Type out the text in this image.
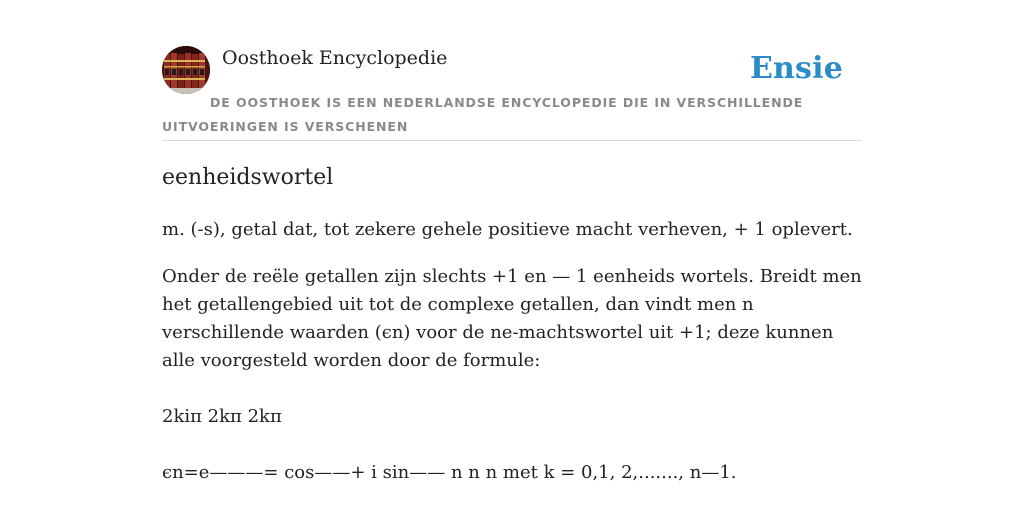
Oosthoek Encyclopedie	Ensie
DE OOSTHOEK IS EEN NEDERLANDSE ENCYCLOPEDIE DIE IN VERSCHILLENDE UITVOERINGEN IS VERSCHENEN
eenheidswortel

m. (-s), getal dat, tot zekere gehele positieve macht verheven, + 1 oplevert.

Onder de reële getallen zijn slechts +1 en — 1 eenheids wortels. Breidt men het getallengebied uit tot de complexe getallen, dan vindt men n verschillende waarden (ϵn) voor de ne-machtswortel uit +1; deze kunnen alle voorgesteld worden door de formule:

2kiπ 2kπ 2kπ

ϵn=e———= cos——+ i sin—— n n n met k = 0,1, 2,......., n—1.
